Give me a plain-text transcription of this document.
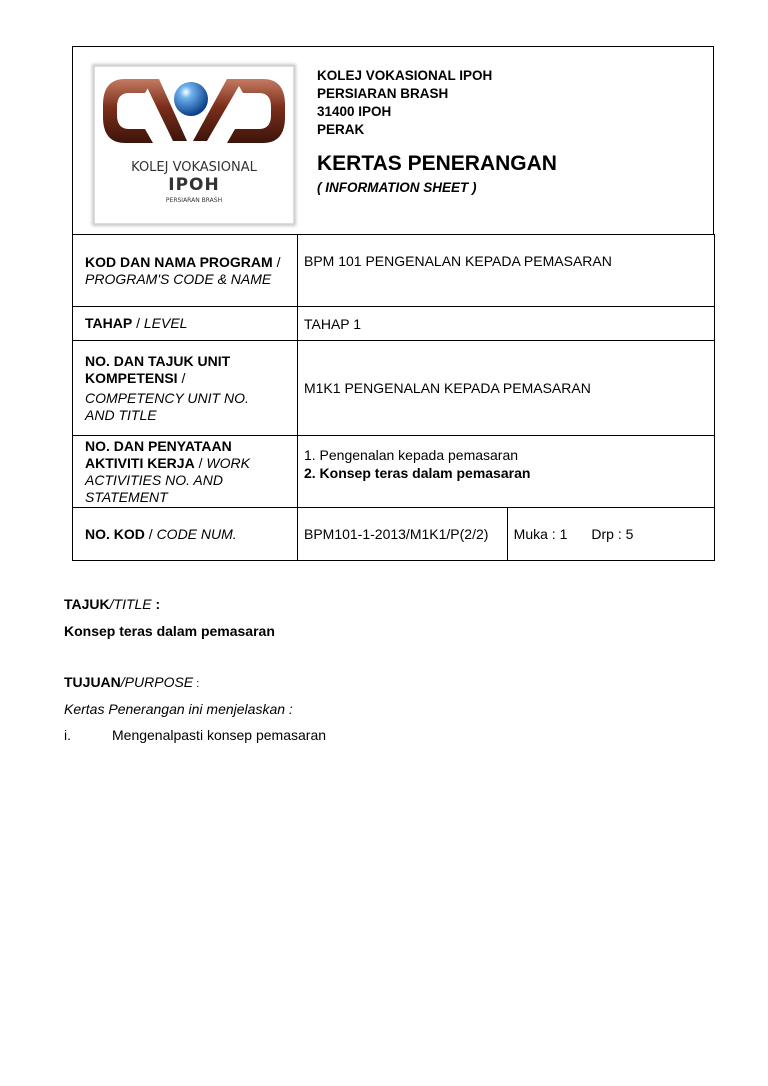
KOLEJ VOKASIONAL
IPOH
PERSIARAN BRASH
KOLEJ VOKASIONAL IPOH
PERSIARAN BRASH
31400 IPOH
PERAK
KERTAS PENERANGAN
( INFORMATION SHEET )
KOD DAN NAMA PROGRAM /
PROGRAM'S CODE & NAME	BPM 101 PENGENALAN KEPADA PEMASARAN	
TAHAP / LEVEL	TAHAP 1	

NO. DAN TAJUK UNIT KOMPETENSI /
COMPETENCY UNIT NO. AND TITLE	M1K1 PENGENALAN KEPADA PEMASARAN	

NO. DAN PENYATAAN AKTIVITI KERJA / WORK ACTIVITIES NO. AND STATEMENT	1. Pengenalan kepada pemasaran
2. Konsep teras dalam pemasaran	

NO. KOD / CODE NUM.	BPM101-1-2013/M1K1/P(2/2)	Muka : 1 Drp : 5
TAJUK/TITLE :
Konsep teras dalam pemasaran
TUJUAN/PURPOSE :
Kertas Penerangan ini menjelaskan :
i.	Mengenalpasti konsep pemasaran
